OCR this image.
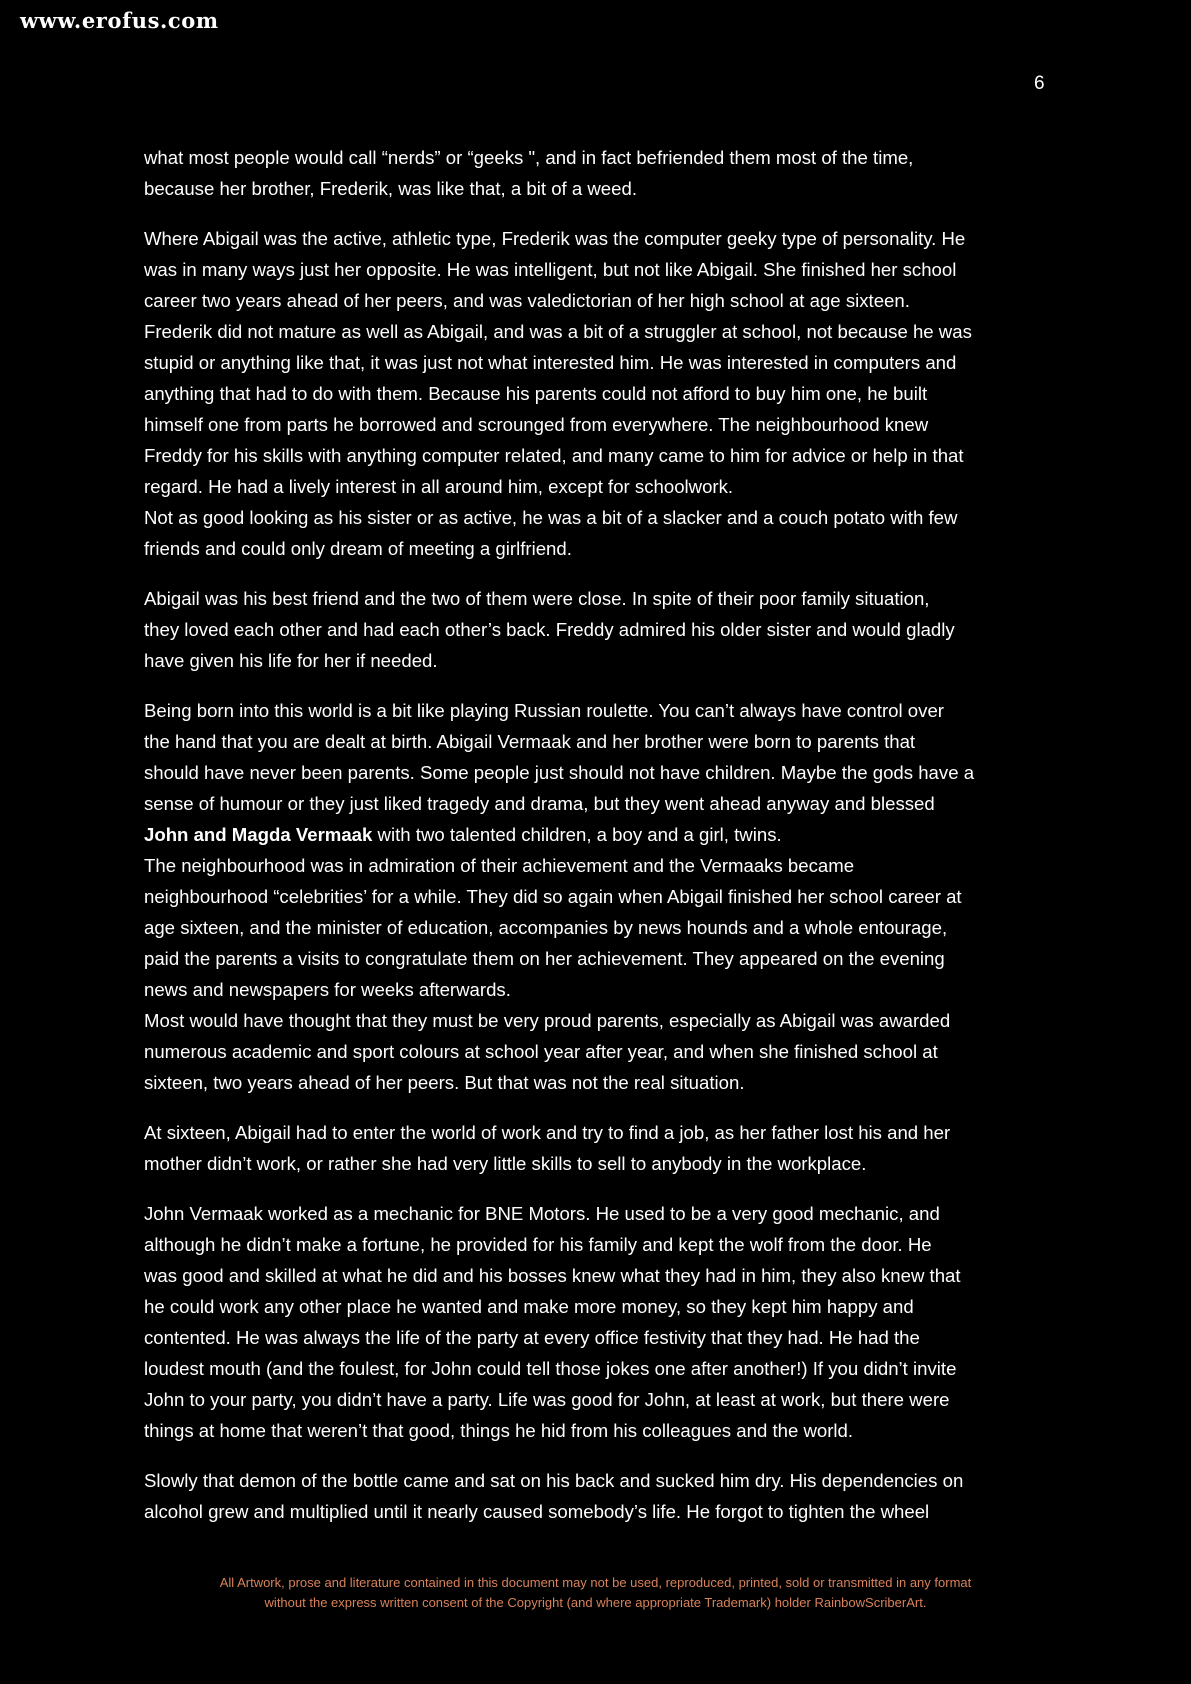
www.erofus.com
6

what most people would call “nerds” or “geeks ", and in fact befriended them most of the time,
because her brother, Frederik, was like that, a bit of a weed.

Where Abigail was the active, athletic type, Frederik was the computer geeky type of personality. He
was in many ways just her opposite. He was intelligent, but not like Abigail. She finished her school
career two years ahead of her peers, and was valedictorian of her high school at age sixteen.
Frederik did not mature as well as Abigail, and was a bit of a struggler at school, not because he was
stupid or anything like that, it was just not what interested him. He was interested in computers and
anything that had to do with them. Because his parents could not afford to buy him one, he built
himself one from parts he borrowed and scrounged from everywhere. The neighbourhood knew
Freddy for his skills with anything computer related, and many came to him for advice or help in that
regard. He had a lively interest in all around him, except for schoolwork.
Not as good looking as his sister or as active, he was a bit of a slacker and a couch potato with few
friends and could only dream of meeting a girlfriend.

Abigail was his best friend and the two of them were close. In spite of their poor family situation,
they loved each other and had each other’s back. Freddy admired his older sister and would gladly
have given his life for her if needed.

Being born into this world is a bit like playing Russian roulette. You can’t always have control over
the hand that you are dealt at birth. Abigail Vermaak and her brother were born to parents that
should have never been parents. Some people just should not have children. Maybe the gods have a
sense of humour or they just liked tragedy and drama, but they went ahead anyway and blessed
John and Magda Vermaak with two talented children, a boy and a girl, twins.
The neighbourhood was in admiration of their achievement and the Vermaaks became
neighbourhood “celebrities’ for a while. They did so again when Abigail finished her school career at
age sixteen, and the minister of education, accompanies by news hounds and a whole entourage,
paid the parents a visits to congratulate them on her achievement. They appeared on the evening
news and newspapers for weeks afterwards.
Most would have thought that they must be very proud parents, especially as Abigail was awarded
numerous academic and sport colours at school year after year, and when she finished school at
sixteen, two years ahead of her peers. But that was not the real situation.

At sixteen, Abigail had to enter the world of work and try to find a job, as her father lost his and her
mother didn’t work, or rather she had very little skills to sell to anybody in the workplace.

John Vermaak worked as a mechanic for BNE Motors. He used to be a very good mechanic, and
although he didn’t make a fortune, he provided for his family and kept the wolf from the door. He
was good and skilled at what he did and his bosses knew what they had in him, they also knew that
he could work any other place he wanted and make more money, so they kept him happy and
contented. He was always the life of the party at every office festivity that they had. He had the
loudest mouth (and the foulest, for John could tell those jokes one after another!) If you didn’t invite
John to your party, you didn’t have a party. Life was good for John, at least at work, but there were
things at home that weren’t that good, things he hid from his colleagues and the world.

Slowly that demon of the bottle came and sat on his back and sucked him dry. His dependencies on
alcohol grew and multiplied until it nearly caused somebody’s life. He forgot to tighten the wheel

All Artwork, prose and literature contained in this document may not be used, reproduced, printed, sold or transmitted in any format
without the express written consent of the Copyright (and where appropriate Trademark) holder RainbowScriberArt.
